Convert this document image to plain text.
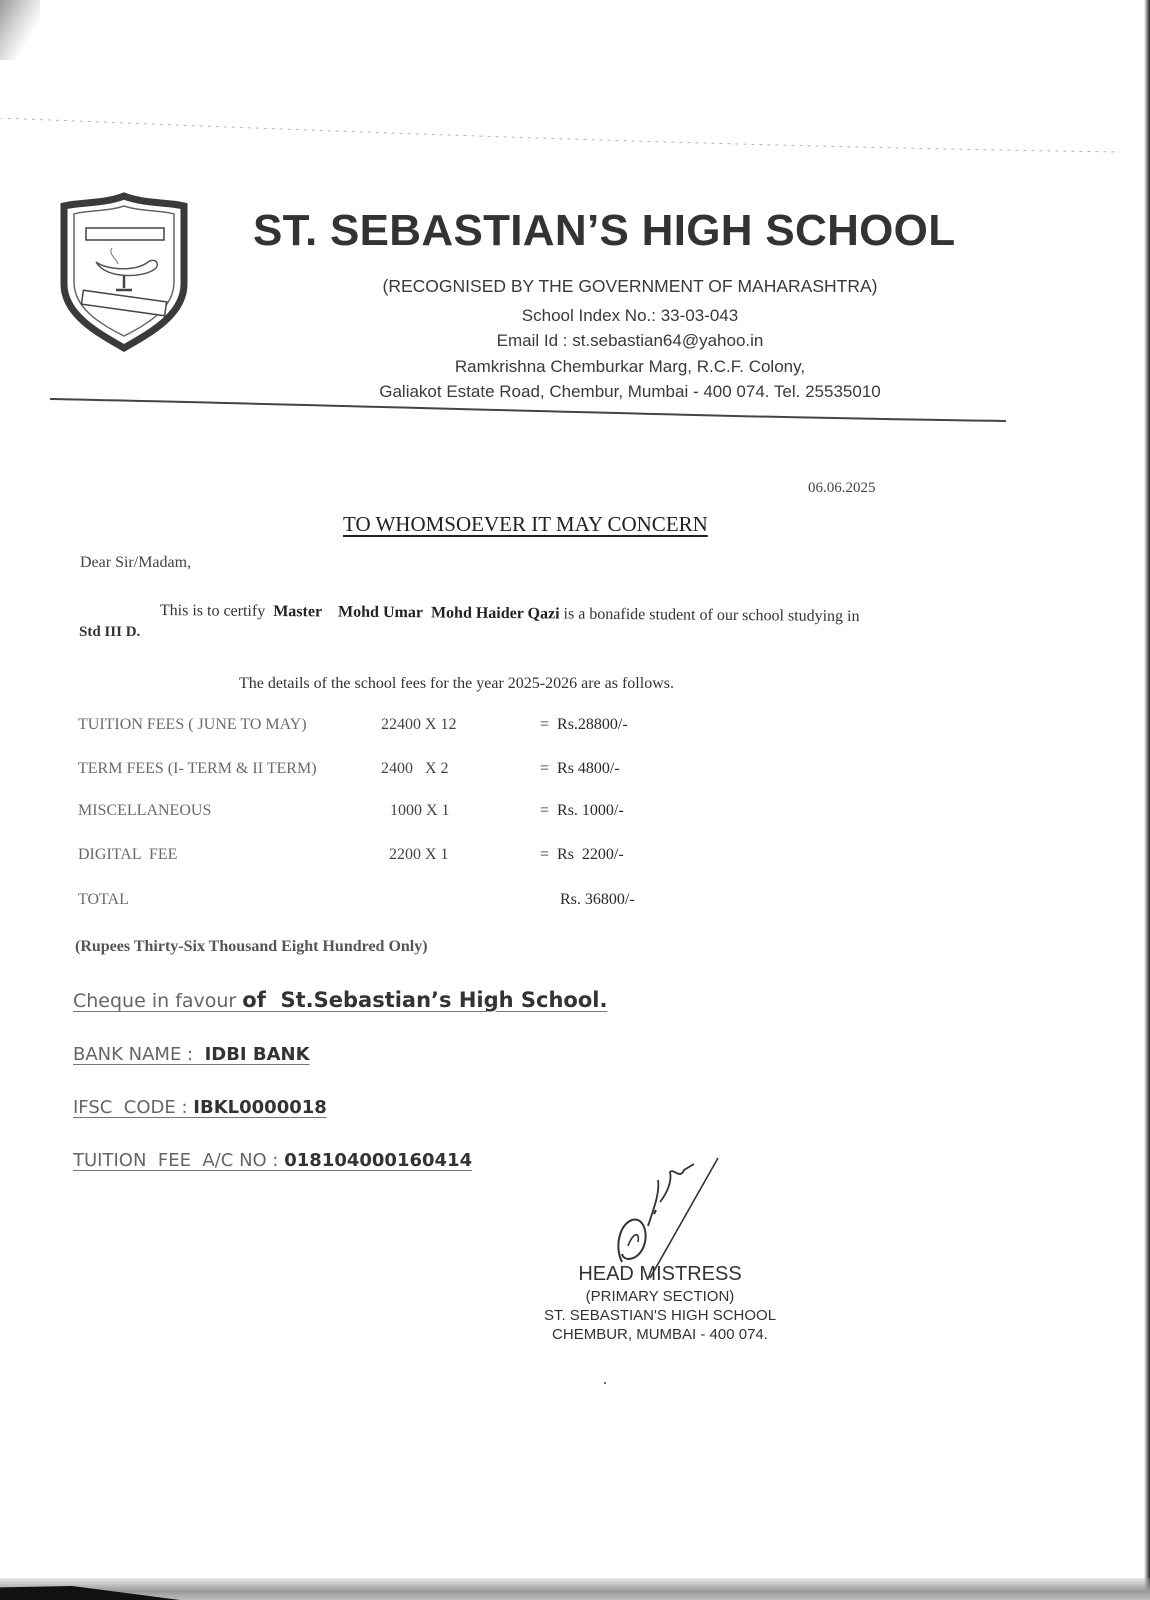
ST. SEBASTIAN’S HIGH SCHOOL
(RECOGNISED BY THE GOVERNMENT OF MAHARASHTRA)
School Index No.: 33-03-043
Email Id : st.sebastian64@yahoo.in
Ramkrishna Chemburkar Marg, R.C.F. Colony,
Galiakot Estate Road, Chembur, Mumbai - 400 074. Tel. 25535010
06.06.2025
TO WHOMSOEVER IT MAY CONCERN
Dear Sir/Madam,
This is to certify Master Mohd Umar Mohd Haider Qazi is a bonafide student of our school studying in
Std III D.
The details of the school fees for the year 2025-2026 are as follows.
TUITION FEES ( JUNE TO MAY)	22400 X 12	= Rs.28800/-
TERM FEES (I- TERM & II TERM)	2400   X 2	= Rs 4800/-
MISCELLANEOUS	1000 X 1	= Rs. 1000/-
DIGITAL  FEE	2200 X 1	= Rs  2200/-
TOTAL	Rs. 36800/-
(Rupees Thirty-Six Thousand Eight Hundred Only)
Cheque in favour of  St.Sebastian’s High School.
BANK NAME : IDBI BANK
IFSC  CODE : IBKL0000018
TUITION  FEE  A/C NO : 018104000160414
HEAD MISTRESS
(PRIMARY SECTION)
ST. SEBASTIAN'S HIGH SCHOOL
CHEMBUR, MUMBAI - 400 074.
